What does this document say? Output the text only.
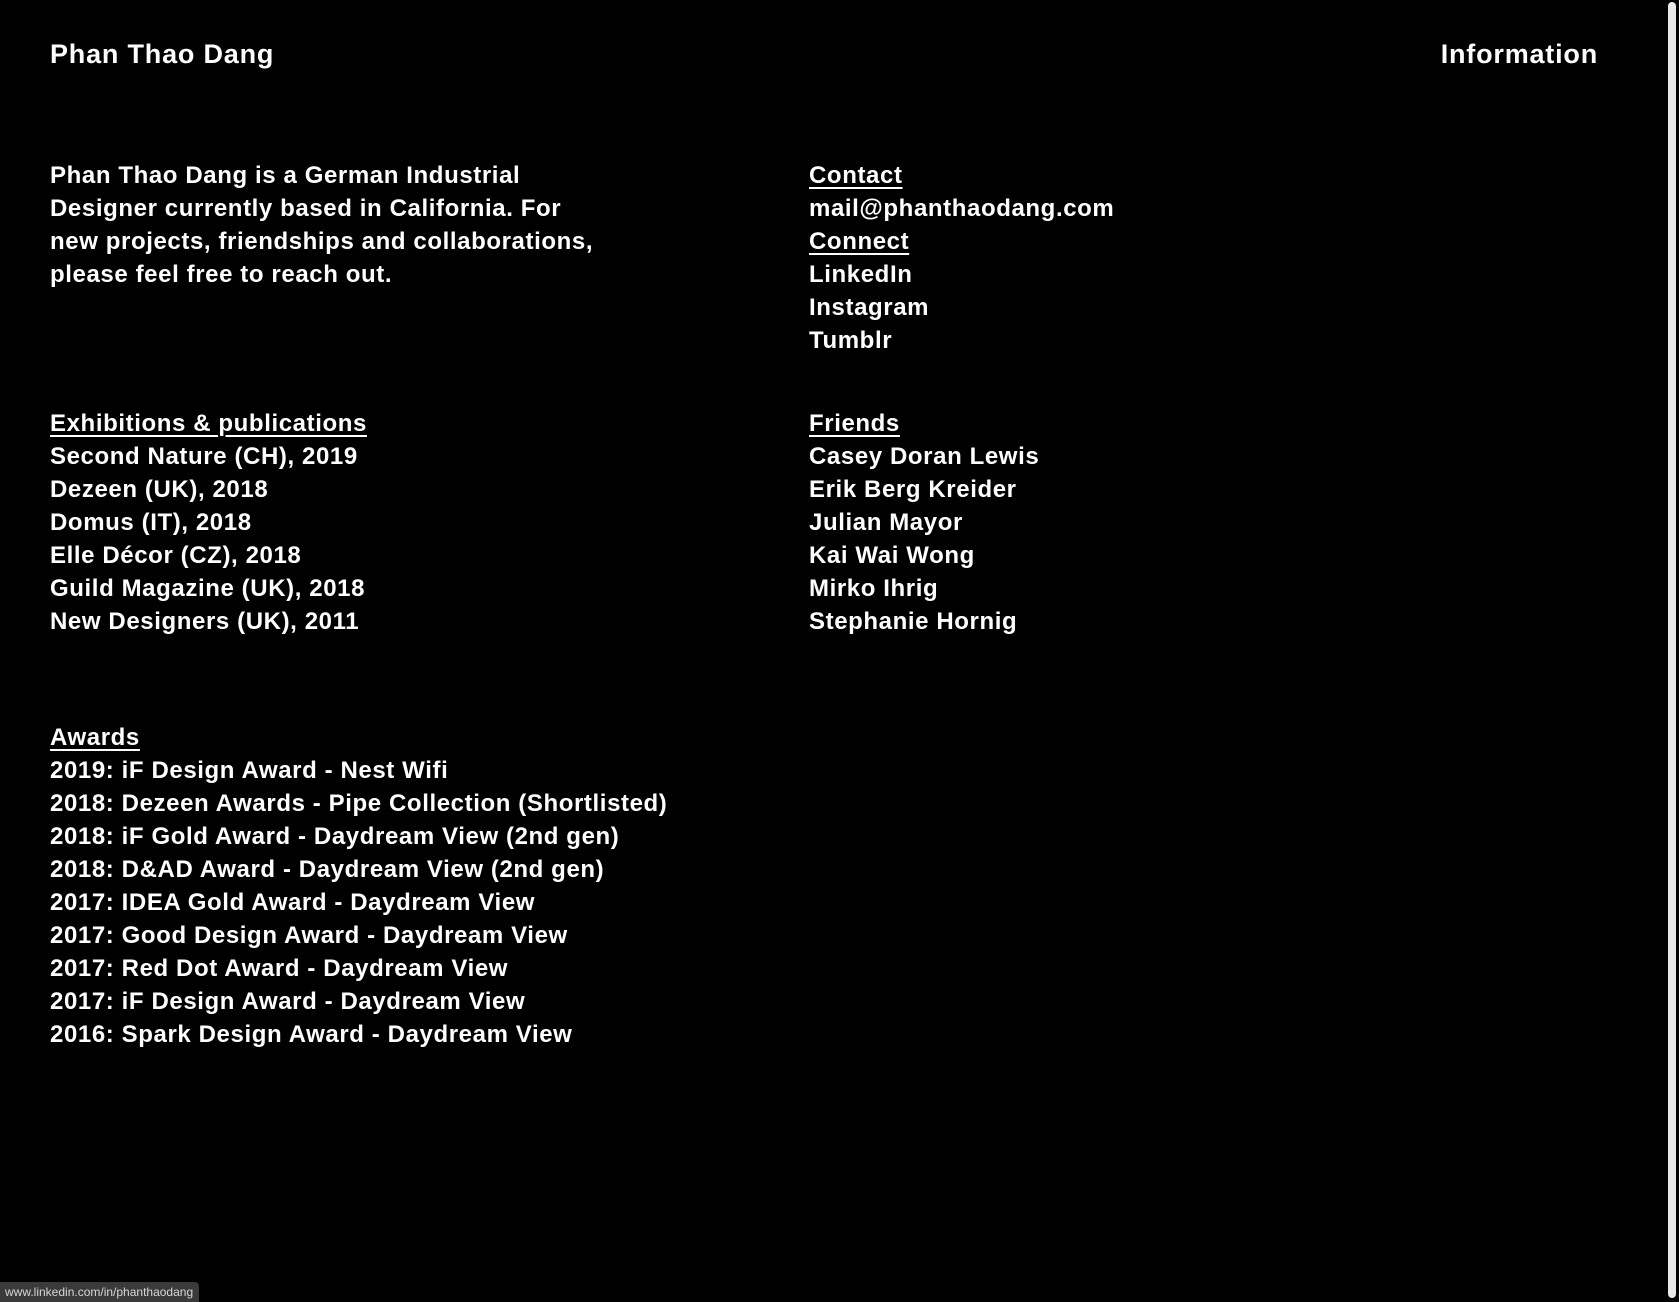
Phan Thao Dang	Information
Phan Thao Dang is a German Industrial
Designer currently based in California. For
new projects, friendships and collaborations,
please feel free to reach out.
Contact
mail@phanthaodang.com
Connect
LinkedIn
Instagram
Tumblr
Exhibitions & publications
Second Nature (CH), 2019
Dezeen (UK), 2018
Domus (IT), 2018
Elle Décor (CZ), 2018
Guild Magazine (UK), 2018
New Designers (UK), 2011
Friends
Casey Doran Lewis
Erik Berg Kreider
Julian Mayor
Kai Wai Wong
Mirko Ihrig
Stephanie Hornig
Awards
2019: iF Design Award - Nest Wifi
2018: Dezeen Awards - Pipe Collection (Shortlisted)
2018: iF Gold Award - Daydream View (2nd gen)
2018: D&AD Award - Daydream View (2nd gen)
2017: IDEA Gold Award - Daydream View
2017: Good Design Award - Daydream View
2017: Red Dot Award - Daydream View
2017: iF Design Award - Daydream View
2016: Spark Design Award - Daydream View
www.linkedin.com/in/phanthaodang
